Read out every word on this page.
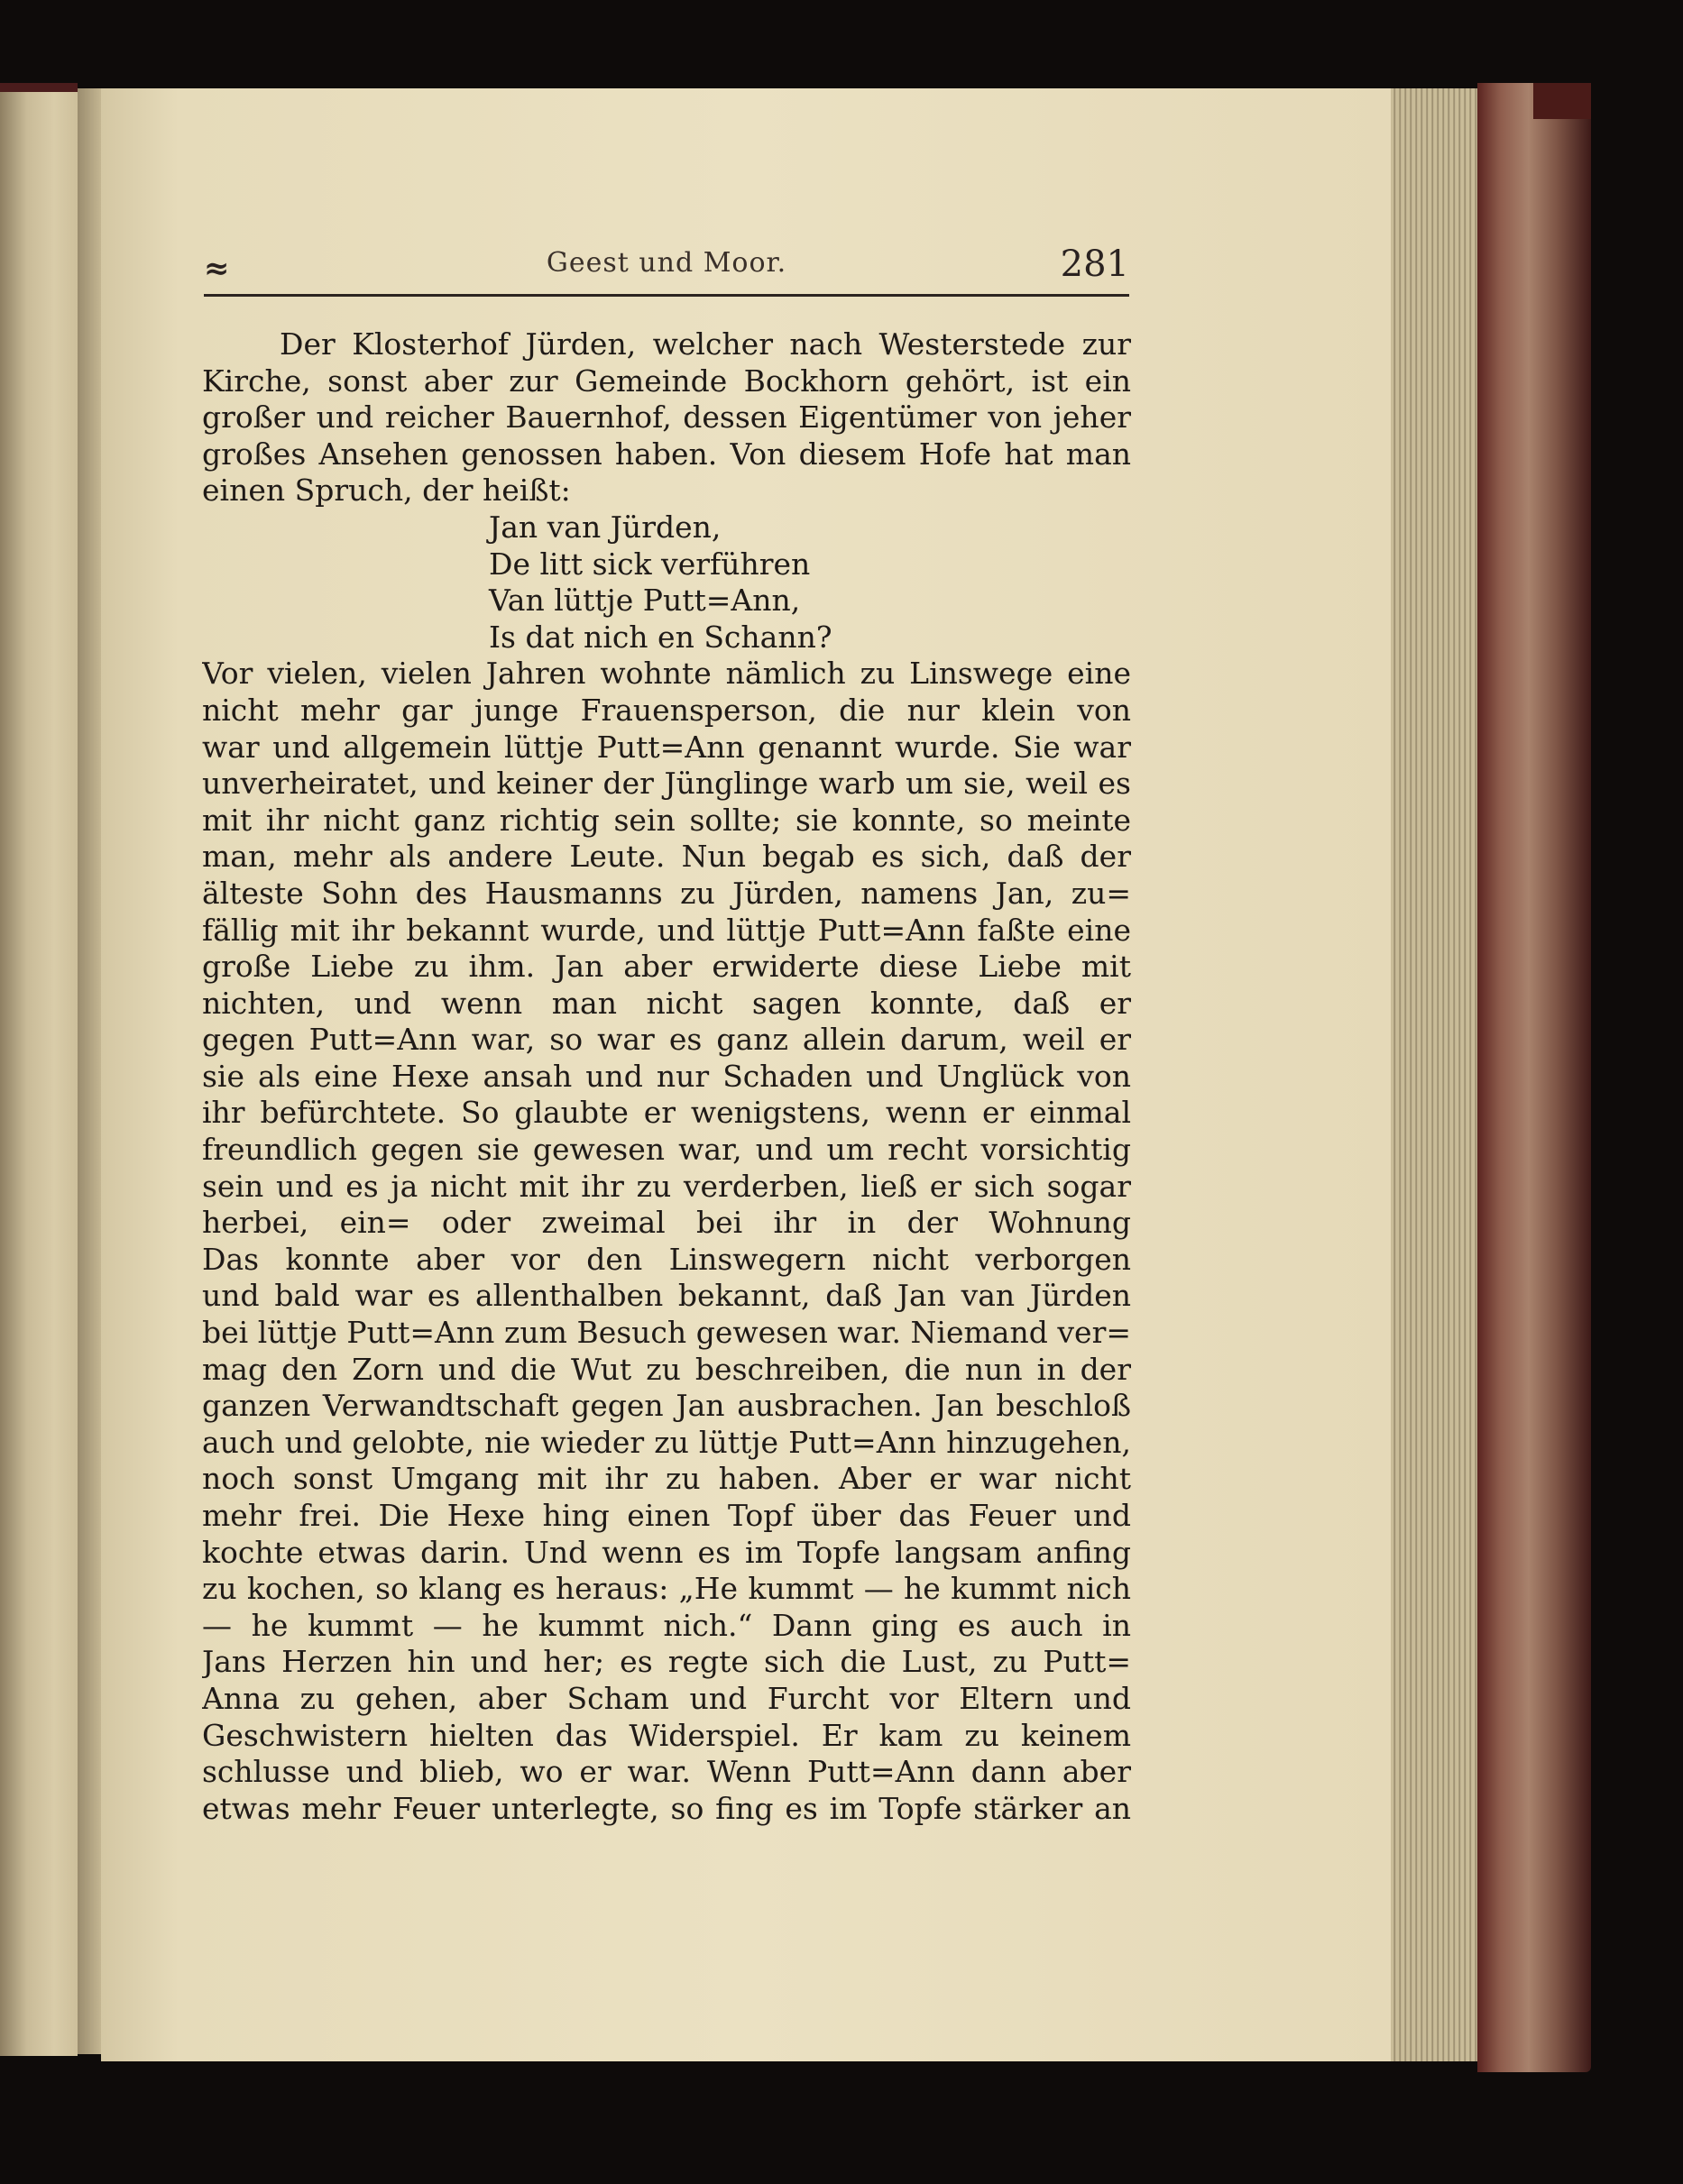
≈	Geest und Moor.	281
Der Klosterhof Jürden, welcher nach Westerstede zur
Kirche, sonst aber zur Gemeinde Bockhorn gehört, ist ein
großer und reicher Bauernhof, dessen Eigentümer von jeher
großes Ansehen genossen haben. Von diesem Hofe hat man
einen Spruch, der heißt:
Jan van Jürden,
De litt sick verführen
Van lüttje Putt=Ann,
Is dat nich en Schann?
Vor vielen, vielen Jahren wohnte nämlich zu Linswege eine
nicht mehr gar junge Frauensperson, die nur klein von
war und allgemein lüttje Putt=Ann genannt wurde. Sie war
unverheiratet, und keiner der Jünglinge warb um sie, weil es
mit ihr nicht ganz richtig sein sollte; sie konnte, so meinte
man, mehr als andere Leute. Nun begab es sich, daß der
älteste Sohn des Hausmanns zu Jürden, namens Jan, zu=
fällig mit ihr bekannt wurde, und lüttje Putt=Ann faßte eine
große Liebe zu ihm. Jan aber erwiderte diese Liebe mit
nichten, und wenn man nicht sagen konnte, daß er
gegen Putt=Ann war, so war es ganz allein darum, weil er
sie als eine Hexe ansah und nur Schaden und Unglück von
ihr befürchtete. So glaubte er wenigstens, wenn er einmal
freundlich gegen sie gewesen war, und um recht vorsichtig
sein und es ja nicht mit ihr zu verderben, ließ er sich sogar
herbei, ein= oder zweimal bei ihr in der Wohnung
Das konnte aber vor den Linswegern nicht verborgen
und bald war es allenthalben bekannt, daß Jan van Jürden
bei lüttje Putt=Ann zum Besuch gewesen war. Niemand ver=
mag den Zorn und die Wut zu beschreiben, die nun in der
ganzen Verwandtschaft gegen Jan ausbrachen. Jan beschloß
auch und gelobte, nie wieder zu lüttje Putt=Ann hinzugehen,
noch sonst Umgang mit ihr zu haben. Aber er war nicht
mehr frei. Die Hexe hing einen Topf über das Feuer und
kochte etwas darin. Und wenn es im Topfe langsam anfing
zu kochen, so klang es heraus: „He kummt — he kummt nich
— he kummt — he kummt nich.“ Dann ging es auch in
Jans Herzen hin und her; es regte sich die Lust, zu Putt=
Anna zu gehen, aber Scham und Furcht vor Eltern und
Geschwistern hielten das Widerspiel. Er kam zu keinem
schlusse und blieb, wo er war. Wenn Putt=Ann dann aber
etwas mehr Feuer unterlegte, so fing es im Topfe stärker an
